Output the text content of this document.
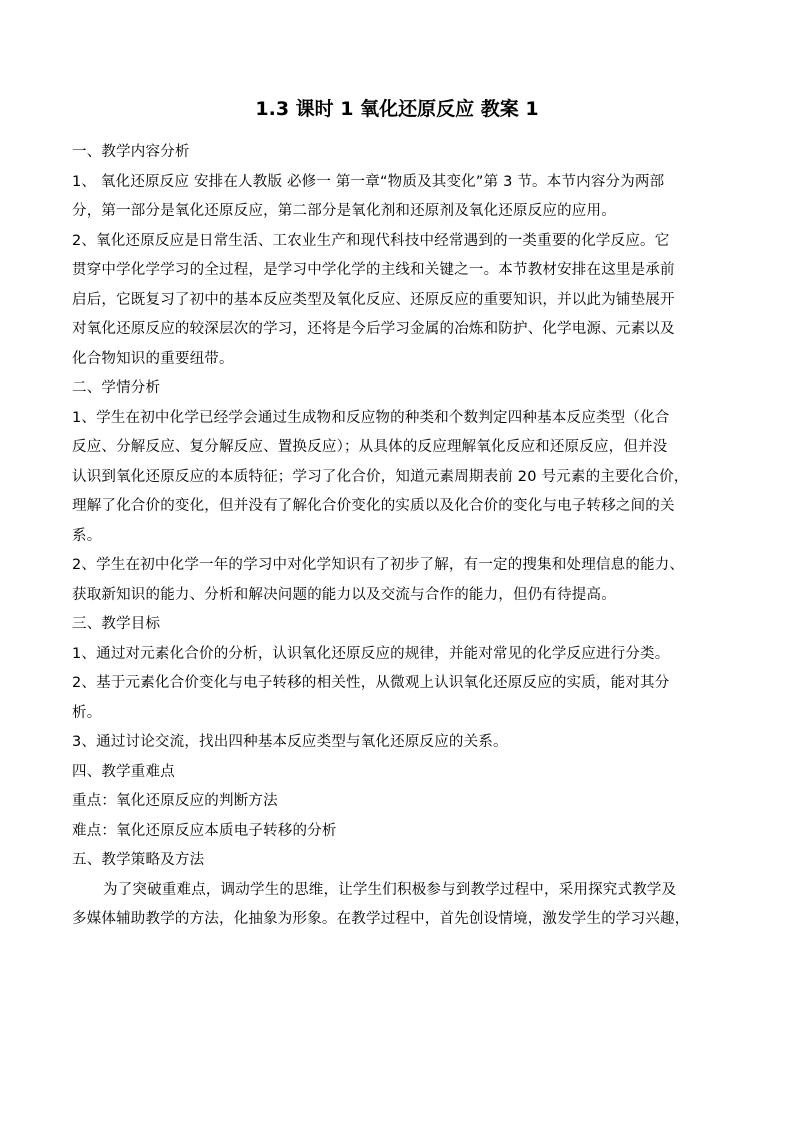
1.3 课时 1 氧化还原反应 教案 1
一、教学内容分析
1、 氧化还原反应 安排在人教版 必修一 第一章“物质及其变化”第 3 节。本节内容分为两部
分，第一部分是氧化还原反应，第二部分是氧化剂和还原剂及氧化还原反应的应用。
2、氧化还原反应是日常生活、工农业生产和现代科技中经常遇到的一类重要的化学反应。它
贯穿中学化学学习的全过程，是学习中学化学的主线和关键之一。本节教材安排在这里是承前
启后，它既复习了初中的基本反应类型及氧化反应、还原反应的重要知识，并以此为铺垫展开
对氧化还原反应的较深层次的学习，还将是今后学习金属的冶炼和防护、化学电源、元素以及
化合物知识的重要纽带。
二、学情分析
1、学生在初中化学已经学会通过生成物和反应物的种类和个数判定四种基本反应类型（化合
反应、分解反应、复分解反应、置换反应）；从具体的反应理解氧化反应和还原反应，但并没
认识到氧化还原反应的本质特征；学习了化合价，知道元素周期表前 20 号元素的主要化合价，
理解了化合价的变化，但并没有了解化合价变化的实质以及化合价的变化与电子转移之间的关
系。
2、学生在初中化学一年的学习中对化学知识有了初步了解，有一定的搜集和处理信息的能力、
获取新知识的能力、分析和解决问题的能力以及交流与合作的能力，但仍有待提高。
三、教学目标
1、通过对元素化合价的分析，认识氧化还原反应的规律，并能对常见的化学反应进行分类。
2、基于元素化合价变化与电子转移的相关性，从微观上认识氧化还原反应的实质，能对其分
析。
3、通过讨论交流，找出四种基本反应类型与氧化还原反应的关系。
四、教学重难点
重点：氧化还原反应的判断方法
难点：氧化还原反应本质电子转移的分析
五、教学策略及方法
为了突破重难点，调动学生的思维，让学生们积极参与到教学过程中，采用探究式教学及
多媒体辅助教学的方法，化抽象为形象。在教学过程中，首先创设情境，激发学生的学习兴趣，
